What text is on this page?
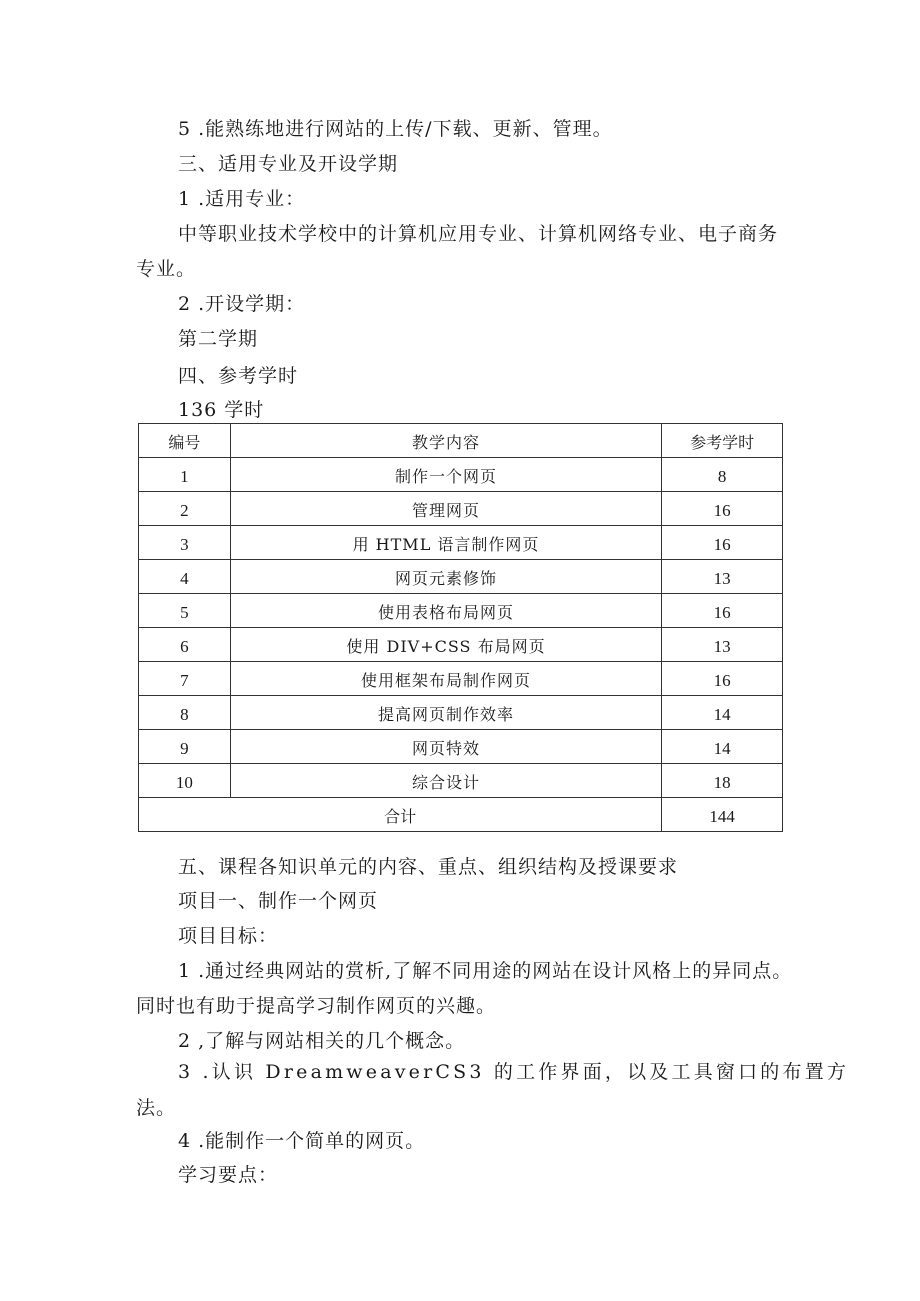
5 .能熟练地进行网站的上传/下载、更新、管理。
三、适用专业及开设学期
1 .适用专业：
中等职业技术学校中的计算机应用专业、计算机网络专业、电子商务
专业。
2 .开设学期：
第二学期
四、参考学时
136 学时
编号	教学内容	参考学时
1	制作一个网页	8
2	管理网页	16
3	用 HTML 语言制作网页	16
4	网页元素修饰	13
5	使用表格布局网页	16
6	使用 DIV+CSS 布局网页	13
7	使用框架布局制作网页	16
8	提高网页制作效率	14
9	网页特效	14
10	综合设计	18
合计		144
五、课程各知识单元的内容、重点、组织结构及授课要求
项目一、制作一个网页
项目目标：
1 .通过经典网站的赏析,了解不同用途的网站在设计风格上的异同点。
同时也有助于提高学习制作网页的兴趣。
2 ,了解与网站相关的几个概念。
3 .认识 DreamweaverCS3 的工作界面，以及工具窗口的布置方
法。
4 .能制作一个简单的网页。
学习要点：
